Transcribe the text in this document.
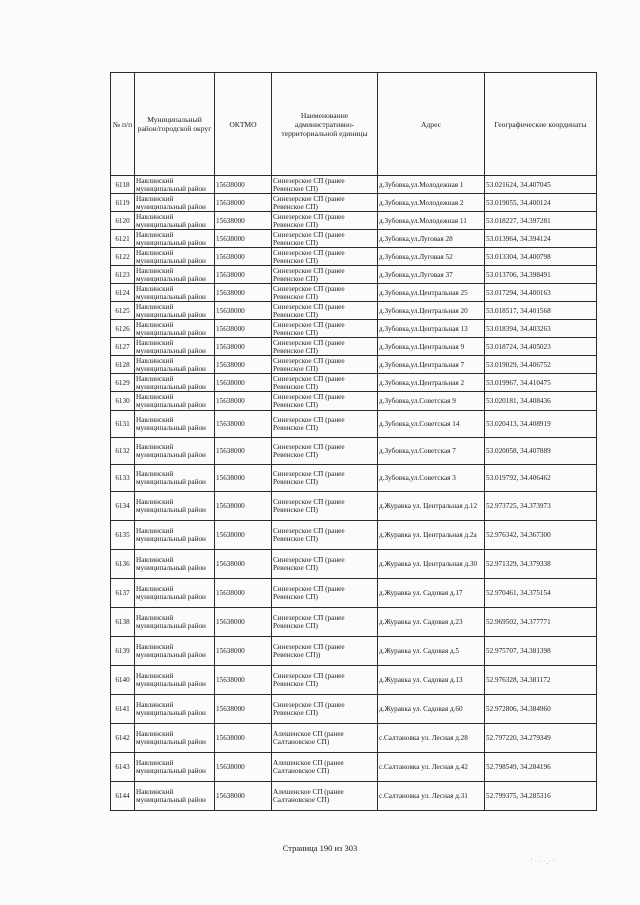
№ п/п	Муниципальный район/городской округ	ОКТМО	Наименование административно-территориальной единицы	Адрес	Географические координаты
6118	Навлинский муниципальный район	15638000	Синезерское СП (ранее Ревенское СП)	д.Зубовка,ул.Молодежная 1	53.021624, 34.407045
6119	Навлинский муниципальный район	15638000	Синезерское СП (ранее Ревенское СП)	д.Зубовка,ул.Молодежная 2	53.019055, 34.400124
6120	Навлинский муниципальный район	15638000	Синезерское СП (ранее Ревенское СП)	д.Зубовка,ул.Молодежная 11	53.018227, 34.397281
6121	Навлинский муниципальный район	15638000	Синезерское СП (ранее Ревенское СП)	д.Зубовка,ул.Луговая 28	53.013964, 34.394124
6122	Навлинский муниципальный район	15638000	Синезерское СП (ранее Ревенское СП)	д.Зубовка,ул.Луговая 52	53.013304, 34.400798
6123	Навлинский муниципальный район	15638000	Синезерское СП (ранее Ревенское СП)	д.Зубовка,ул.Луговая 37	53.013706, 34.398491
6124	Навлинский муниципальный район	15638000	Синезерское СП (ранее Ревенское СП)	д.Зубовка,ул.Центральная 25	53.017294, 34.400163
6125	Навлинский муниципальный район	15638000	Синезерское СП (ранее Ревенское СП)	д.Зубовка,ул.Центральная 20	53.018517, 34.401568
6126	Навлинский муниципальный район	15638000	Синезерское СП (ранее Ревенское СП)	д.Зубовка,ул.Центральная 13	53.018394, 34.403263
6127	Навлинский муниципальный район	15638000	Синезерское СП (ранее Ревенское СП)	д.Зубовка,ул.Центральная 9	53.018724, 34.405023
6128	Навлинский муниципальный район	15638000	Синезерское СП (ранее Ревенское СП)	д.Зубовка,ул.Центральная 7	53.019029, 34.406752
6129	Навлинский муниципальный район	15638000	Синезерское СП (ранее Ревенское СП)	д.Зубовка,ул.Центральная 2	53.019967, 34.410475
6130	Навлинский муниципальный район	15638000	Синезерское СП (ранее Ревенское СП)	д.Зубовка,ул.Советская 9	53.020181, 34.408436
6131	Навлинский муниципальный район	15638000	Синезерское СП (ранее Ревенское СП)	д.Зубовка,ул.Советская 14	53.020413, 34.408919
6132	Навлинский муниципальный район	15638000	Синезерское СП (ранее Ревенское СП)	д.Зубовка,ул.Советская 7	53.020058, 34.407889
6133	Навлинский муниципальный район	15638000	Синезерское СП (ранее Ревенское СП)	д.Зубовка,ул.Советская 3	53.019792, 34.406462
6134	Навлинский муниципальный район	15638000	Синезерское СП (ранее Ревенское СП)	д.Журавка ул. Центральная д.12	52.973725, 34.373973
6135	Навлинский муниципальный район	15638000	Синезерское СП (ранее Ревенское СП)	д.Журавка ул. Центральная д.2а	52.976342, 34.367300
6136	Навлинский муниципальный район	15638000	Синезерское СП (ранее Ревенское СП)	д.Журавка ул. Центральная д.30	52.971329, 34.379338
6137	Навлинский муниципальный район	15638000	Синезерское СП (ранее Ревенское СП)	д.Журавка ул. Садовая д.17	52.970461, 34.375154
6138	Навлинский муниципальный район	15638000	Синезерское СП (ранее Ревенское СП)	д.Журавка ул. Садовая д.23	52.969502, 34.377771
6139	Навлинский муниципальный район	15638000	Синезерское СП (ранее Ревенское СП))	д.Журавка ул. Садовая д.5	52.975707, 34.381398
6140	Навлинский муниципальный район	15638000	Синезерское СП (ранее Ревенское СП)	д.Журавка ул. Садовая д.13	52.976328, 34.381172
6141	Навлинский муниципальный район	15638000	Синезерское СП (ранее Ревенское СП)	д.Журавка ул. Садовая д.60	52.972806, 34.384960
6142	Навлинский муниципальный район	15638000	Алешенское СП (ранее Салтановское СП)	с.Салтановка ул. Лесная д.28	52.797220, 34.279349
6143	Навлинский муниципальный район	15638000	Алешенское СП (ранее Салтановское СП)	с.Салтановка ул. Лесная д.42	52.798549, 34.284196
6144	Навлинский муниципальный район	15638000	Алешенское СП (ранее Салтановское СП)	с.Салтановка ул. Лесная д.31	52.799375, 34.285316
Страница 190 из 303
' · · ·.· '
